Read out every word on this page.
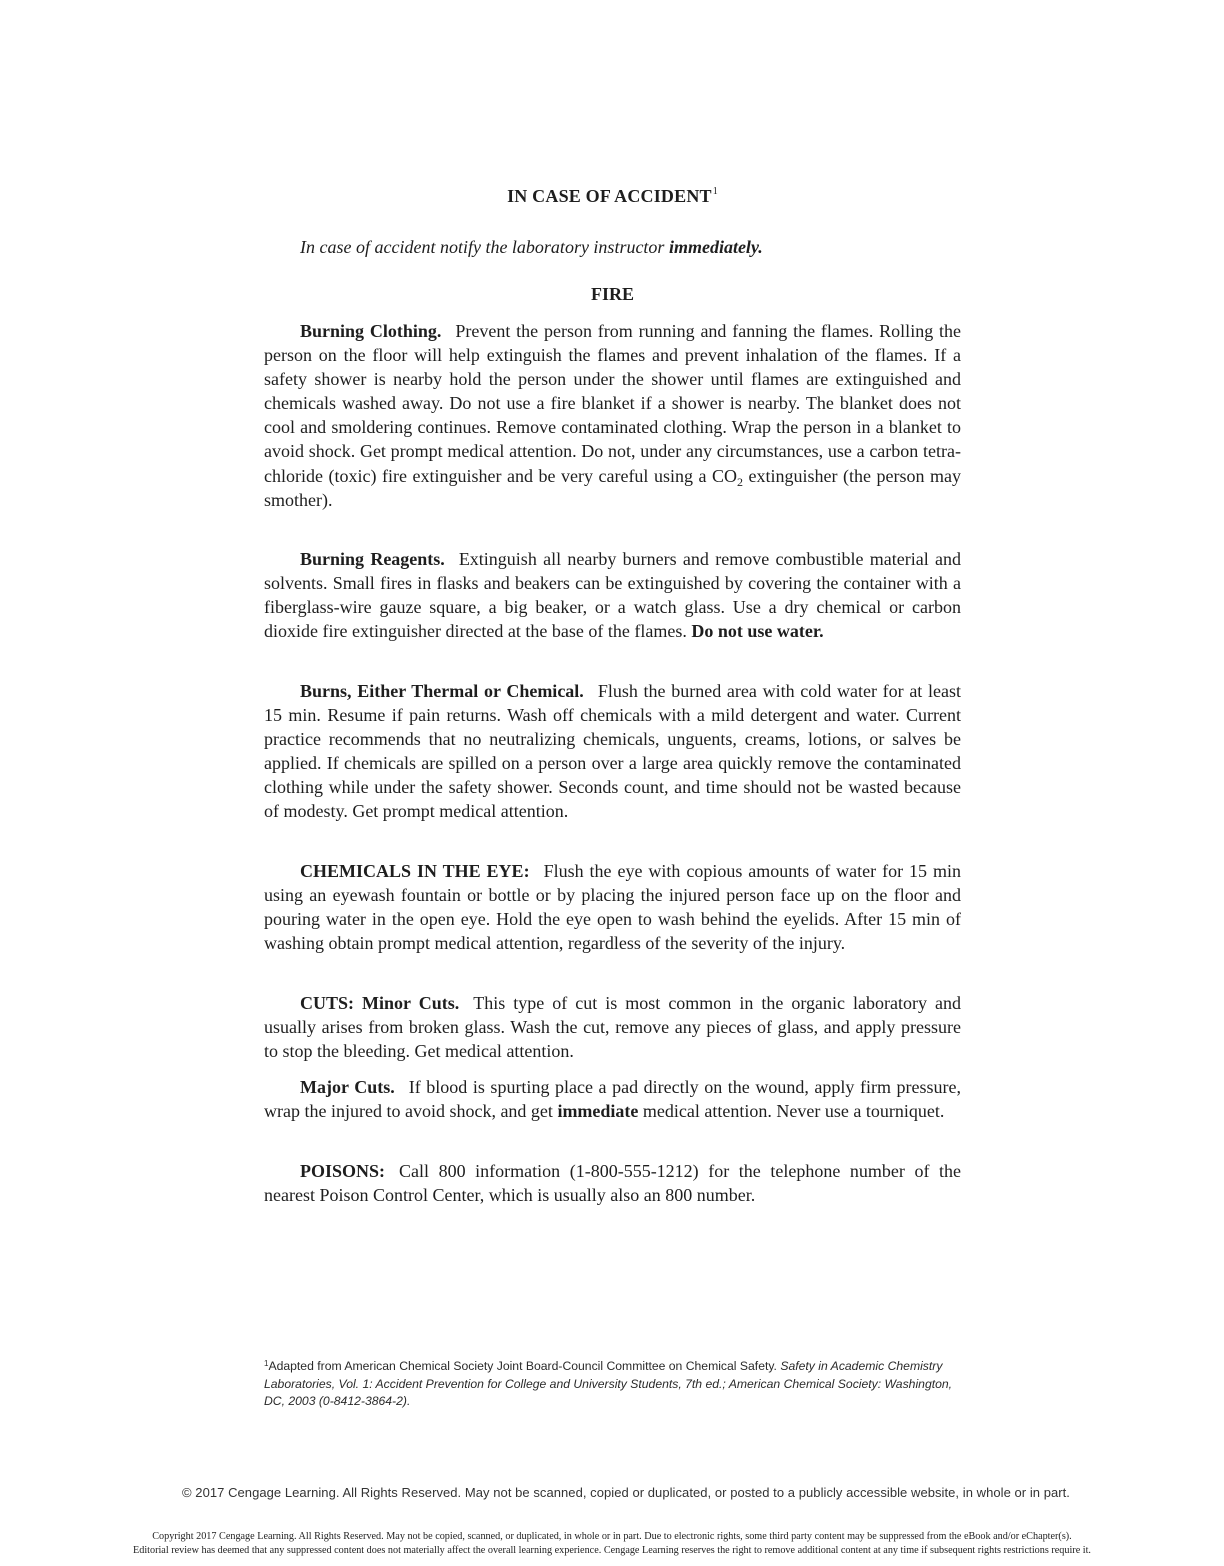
IN CASE OF ACCIDENT$^1$
In case of accident notify the laboratory instructor immediately.
FIRE
Burning Clothing. Prevent the person from running and fanning the flames. Rolling the person on the floor will help extinguish the flames and prevent inhalation of the flames. If a safety shower is nearby hold the person under the shower until flames are extinguished and chemicals washed away. Do not use a fire blanket if a shower is nearby. The blanket does not cool and smoldering continues. Remove contaminated clothing. Wrap the person in a blanket to avoid shock. Get prompt medical attention. Do not, under any circumstances, use a carbon tetrachloride (toxic) fire extinguisher and be very careful using a $CO_2$ extinguisher (the person may smother).
Burning Reagents. Extinguish all nearby burners and remove combustible material and solvents. Small fires in flasks and beakers can be extinguished by covering the container with a fiberglass-wire gauze square, a big beaker, or a watch glass. Use a dry chemical or carbon dioxide fire extinguisher directed at the base of the flames. Do not use water.
Burns, Either Thermal or Chemical. Flush the burned area with cold water for at least 15 min. Resume if pain returns. Wash off chemicals with a mild detergent and water. Current practice recommends that no neutralizing chemicals, unguents, creams, lotions, or salves be applied. If chemicals are spilled on a person over a large area quickly remove the contaminated clothing while under the safety shower. Seconds count, and time should not be wasted because of modesty. Get prompt medical attention.
CHEMICALS IN THE EYE: Flush the eye with copious amounts of water for 15 min using an eyewash fountain or bottle or by placing the injured person face up on the floor and pouring water in the open eye. Hold the eye open to wash behind the eyelids. After 15 min of washing obtain prompt medical attention, regardless of the severity of the injury.
CUTS: Minor Cuts. This type of cut is most common in the organic laboratory and usually arises from broken glass. Wash the cut, remove any pieces of glass, and apply pressure to stop the bleeding. Get medical attention.
Major Cuts. If blood is spurting place a pad directly on the wound, apply firm pressure, wrap the injured to avoid shock, and get immediate medical attention. Never use a tourniquet.
POISONS: Call 800 information (1-800-555-1212) for the telephone number of the nearest Poison Control Center, which is usually also an 800 number.
$^1$Adapted from American Chemical Society Joint Board-Council Committee on Chemical Safety. Safety in Academic Chemistry Laboratories, Vol. 1: Accident Prevention for College and University Students, 7th ed.; American Chemical Society: Washington, DC, 2003 (0-8412-3864-2).
© 2017 Cengage Learning. All Rights Reserved. May not be scanned, copied or duplicated, or posted to a publicly accessible website, in whole or in part.
Copyright 2017 Cengage Learning. All Rights Reserved. May not be copied, scanned, or duplicated, in whole or in part. Due to electronic rights, some third party content may be suppressed from the eBook and/or eChapter(s).
Editorial review has deemed that any suppressed content does not materially affect the overall learning experience. Cengage Learning reserves the right to remove additional content at any time if subsequent rights restrictions require it.
